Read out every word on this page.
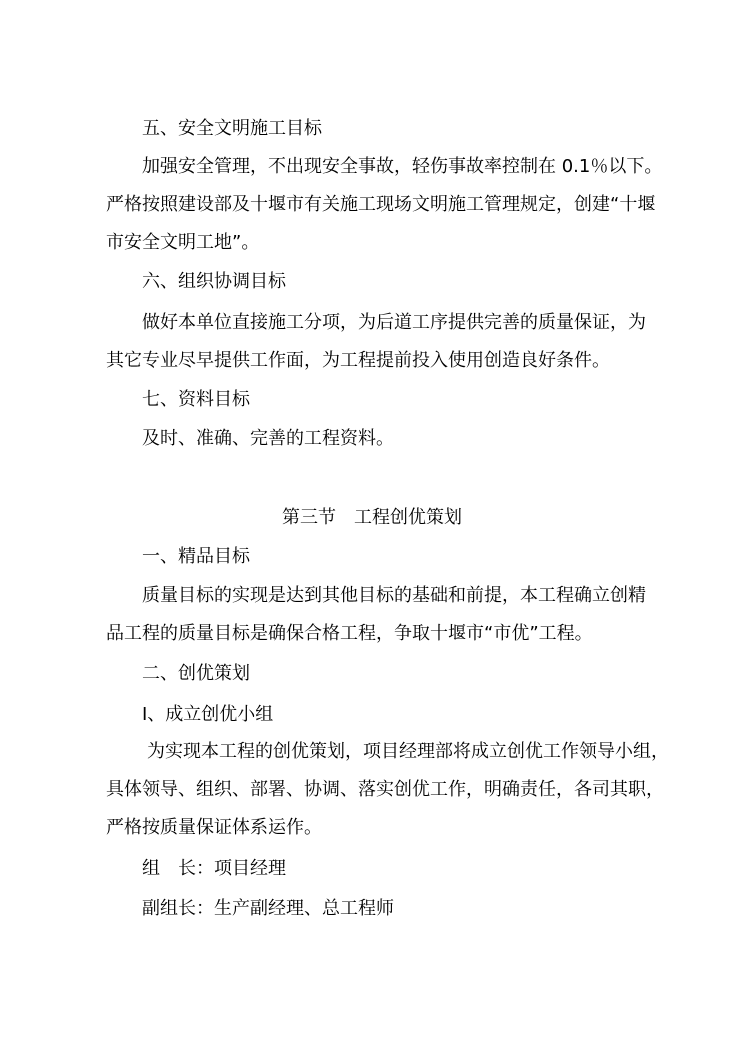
五、安全文明施工目标
加强安全管理，不出现安全事故，轻伤事故率控制在 0.1％以下。
严格按照建设部及十堰市有关施工现场文明施工管理规定，创建“十堰
市安全文明工地”。
六、组织协调目标
做好本单位直接施工分项，为后道工序提供完善的质量保证，为
其它专业尽早提供工作面，为工程提前投入使用创造良好条件。
七、资料目标
及时、准确、完善的工程资料。
第三节　工程创优策划
一、精品目标
质量目标的实现是达到其他目标的基础和前提，本工程确立创精
品工程的质量目标是确保合格工程，争取十堰市“市优”工程。
二、创优策划
I、成立创优小组
为实现本工程的创优策划，项目经理部将成立创优工作领导小组，
具体领导、组织、部署、协调、落实创优工作，明确责任，各司其职，
严格按质量保证体系运作。
组　长：项目经理
副组长：生产副经理、总工程师
